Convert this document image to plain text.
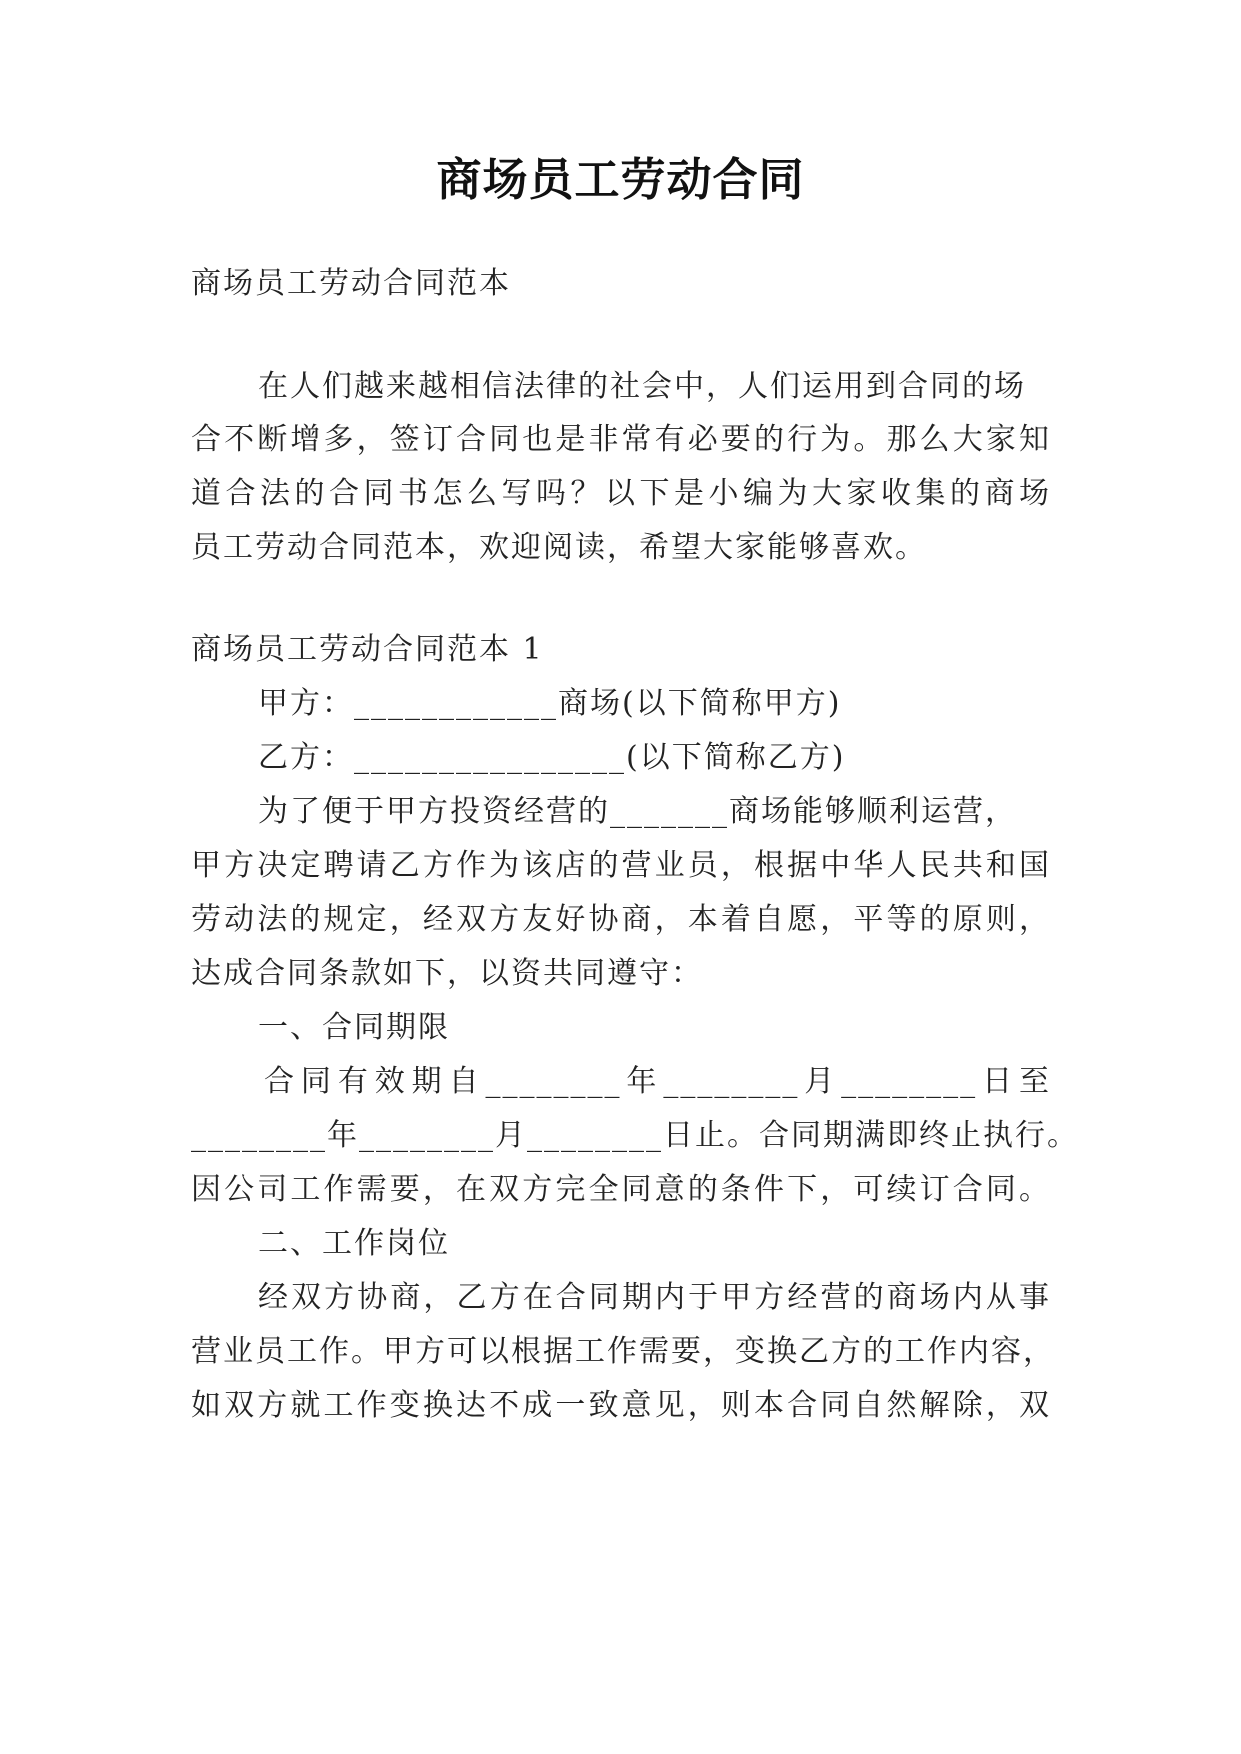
商场员工劳动合同
商场员工劳动合同范本
在人们越来越相信法律的社会中，人们运用到合同的场
合不断增多，签订合同也是非常有必要的行为。那么大家知
道合法的合同书怎么写吗？以下是小编为大家收集的商场
员工劳动合同范本，欢迎阅读，希望大家能够喜欢。
商场员工劳动合同范本 1
甲方：____________商场(以下简称甲方)
乙方：________________(以下简称乙方)
为了便于甲方投资经营的_______商场能够顺利运营，
甲方决定聘请乙方作为该店的营业员，根据中华人民共和国
劳动法的规定，经双方友好协商，本着自愿，平等的原则，
达成合同条款如下，以资共同遵守：
一、合同期限
合同有效期自________年________月________日至
________年________月________日止。合同期满即终止执行。
因公司工作需要，在双方完全同意的条件下，可续订合同。
二、工作岗位
经双方协商，乙方在合同期内于甲方经营的商场内从事
营业员工作。甲方可以根据工作需要，变换乙方的工作内容，
如双方就工作变换达不成一致意见，则本合同自然解除，双
